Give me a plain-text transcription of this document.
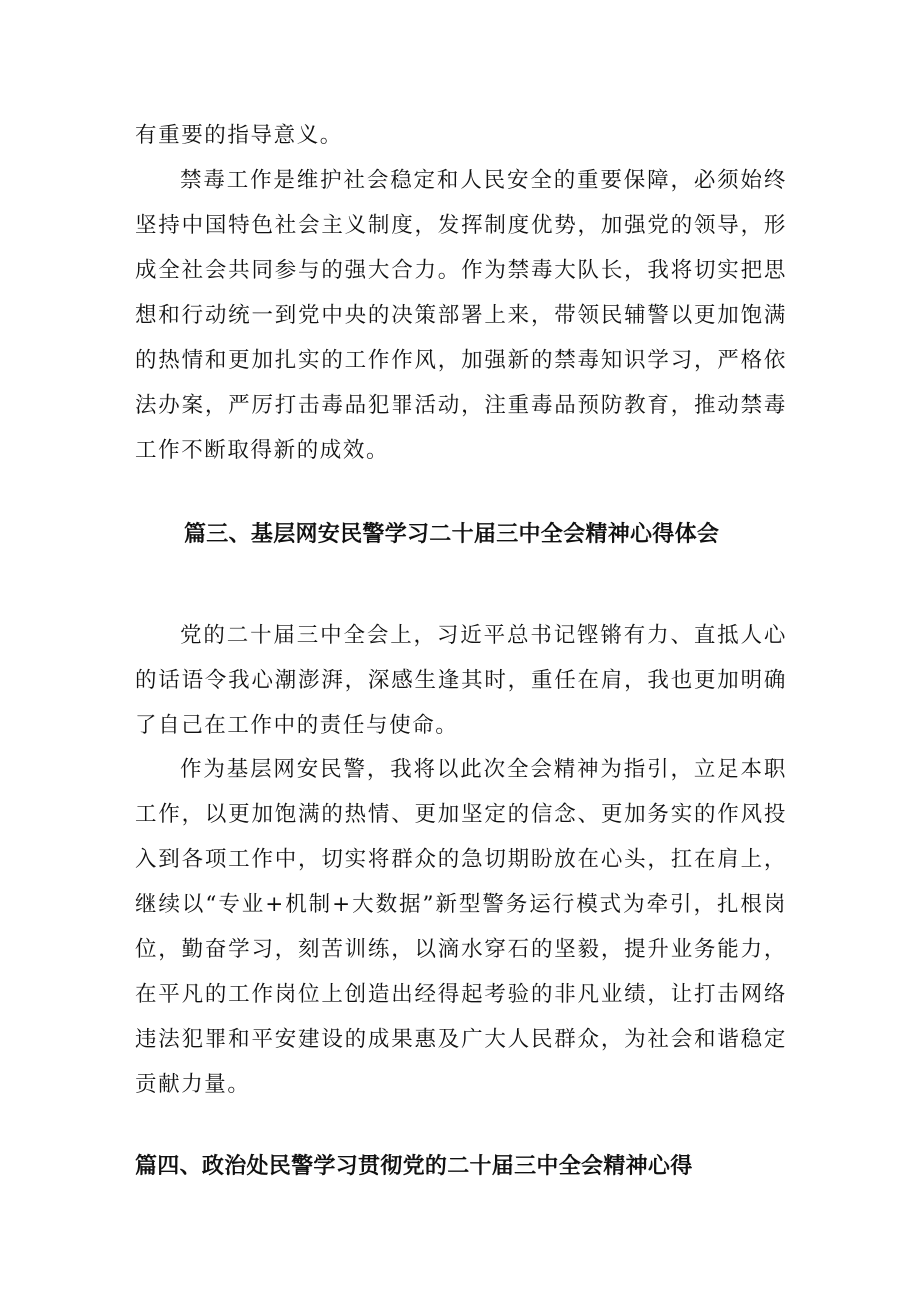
有重要的指导意义。

禁毒工作是维护社会稳定和人民安全的重要保障，必须始终坚持中国特色社会主义制度，发挥制度优势，加强党的领导，形成全社会共同参与的强大合力。作为禁毒大队长，我将切实把思想和行动统一到党中央的决策部署上来，带领民辅警以更加饱满的热情和更加扎实的工作作风，加强新的禁毒知识学习，严格依法办案，严厉打击毒品犯罪活动，注重毒品预防教育，推动禁毒工作不断取得新的成效。

篇三、基层网安民警学习二十届三中全会精神心得体会

党的二十届三中全会上，习近平总书记铿锵有力、直抵人心的话语令我心潮澎湃，深感生逢其时，重任在肩，我也更加明确了自己在工作中的责任与使命。

作为基层网安民警，我将以此次全会精神为指引，立足本职工作，以更加饱满的热情、更加坚定的信念、更加务实的作风投入到各项工作中，切实将群众的急切期盼放在心头，扛在肩上，继续以“专业+机制+大数据”新型警务运行模式为牵引，扎根岗位，勤奋学习，刻苦训练，以滴水穿石的坚毅，提升业务能力，在平凡的工作岗位上创造出经得起考验的非凡业绩，让打击网络违法犯罪和平安建设的成果惠及广大人民群众，为社会和谐稳定贡献力量。

篇四、政治处民警学习贯彻党的二十届三中全会精神心得
